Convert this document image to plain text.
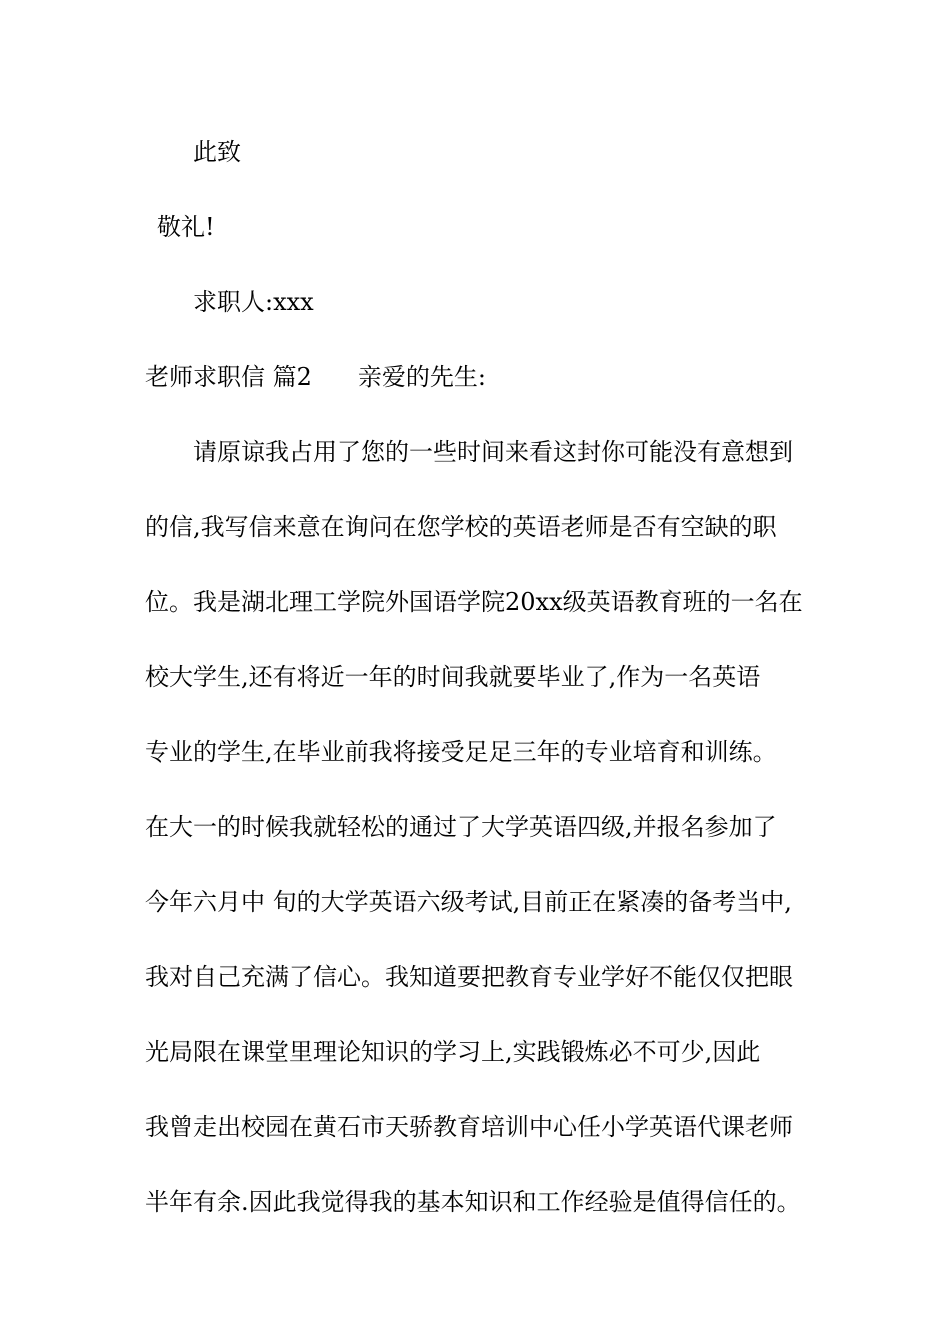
此致
敬礼!
求职人:xxx
老师求职信 篇2 亲爱的先生:
请原谅我占用了您的一些时间来看这封你可能没有意想到
的信,我写信来意在询问在您学校的英语老师是否有空缺的职
位。我是湖北理工学院外国语学院20xx级英语教育班的一名在
校大学生,还有将近一年的时间我就要毕业了,作为一名英语
专业的学生,在毕业前我将接受足足三年的专业培育和训练。
在大一的时候我就轻松的通过了大学英语四级,并报名参加了
今年六月中 旬的大学英语六级考试,目前正在紧凑的备考当中,
我对自己充满了信心。我知道要把教育专业学好不能仅仅把眼
光局限在课堂里理论知识的学习上,实践锻炼必不可少,因此
我曾走出校园在黄石市天骄教育培训中心任小学英语代课老师
半年有余.因此我觉得我的基本知识和工作经验是值得信任的。
